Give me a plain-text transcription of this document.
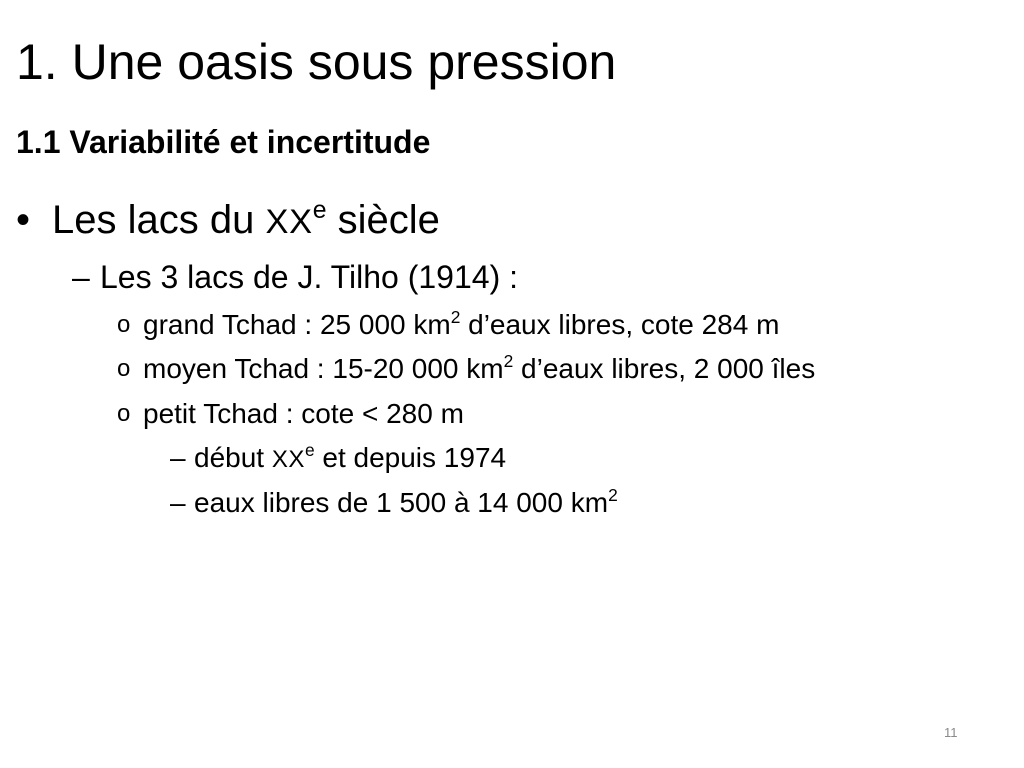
1. Une oasis sous pression
1.1 Variabilité et incertitude
• Les lacs du XXe siècle
– Les 3 lacs de J. Tilho (1914) :
o grand Tchad : 25 000 $km^2$ d’eaux libres, cote 284 m
o moyen Tchad : 15-20 000 $km^2$ d’eaux libres, 2 000 îles
o petit Tchad : cote < 280 m
– début XXe et depuis 1974
– eaux libres de 1 500 à 14 000 $km^2$
11
